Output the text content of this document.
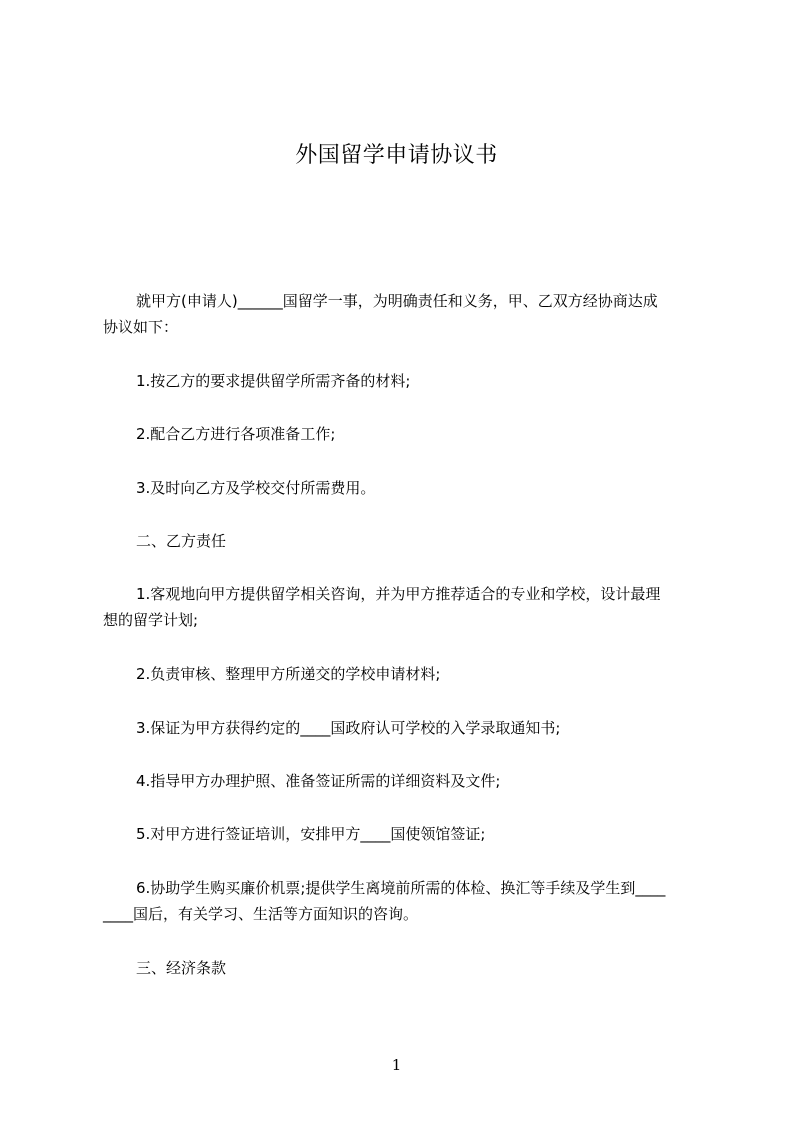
外国留学申请协议书
就甲方(申请人)______国留学一事，为明确责任和义务，甲、乙双方经协商达成
协议如下：
1.按乙方的要求提供留学所需齐备的材料;
2.配合乙方进行各项准备工作;
3.及时向乙方及学校交付所需费用。
二、乙方责任
1.客观地向甲方提供留学相关咨询，并为甲方推荐适合的专业和学校，设计最理
想的留学计划;
2.负责审核、整理甲方所递交的学校申请材料;
3.保证为甲方获得约定的____国政府认可学校的入学录取通知书;
4.指导甲方办理护照、准备签证所需的详细资料及文件;
5.对甲方进行签证培训，安排甲方____国使领馆签证;
6.协助学生购买廉价机票;提供学生离境前所需的体检、换汇等手续及学生到____
____国后，有关学习、生活等方面知识的咨询。
三、经济条款
1
